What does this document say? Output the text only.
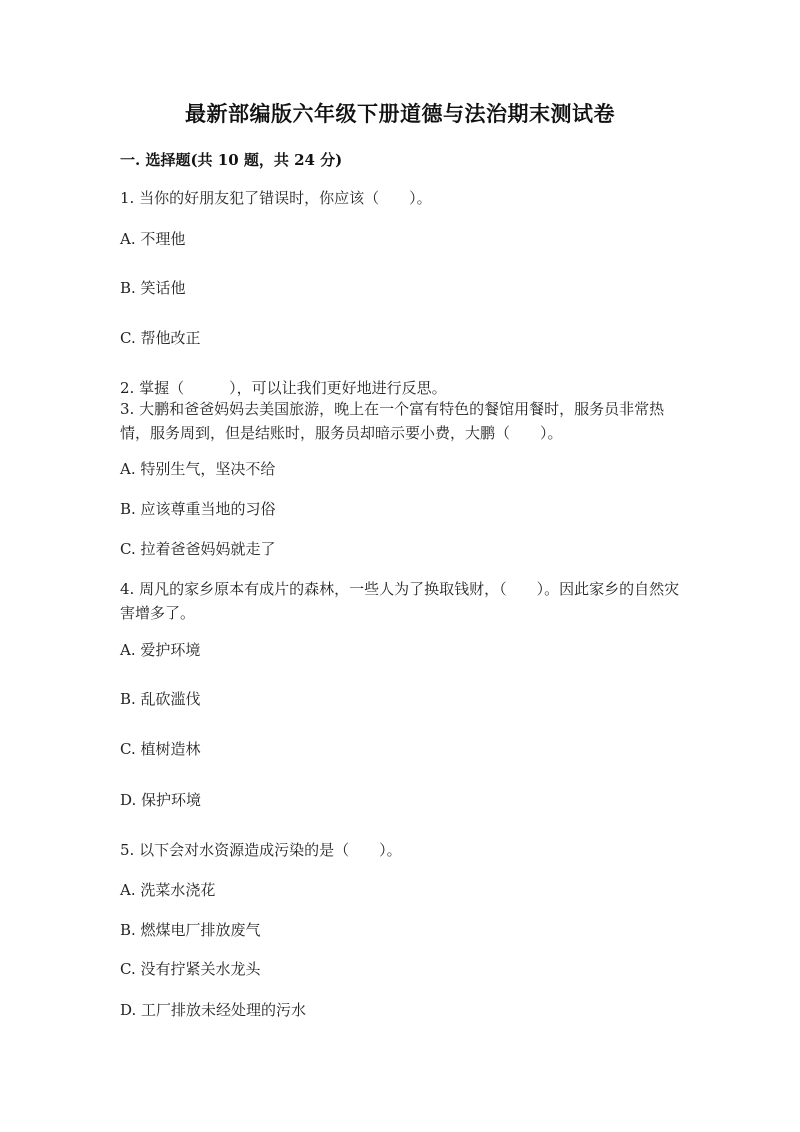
最新部编版六年级下册道德与法治期末测试卷
一. 选择题(共 10 题，共 24 分)
1. 当你的好朋友犯了错误时，你应该（　　）。
A. 不理他
B. 笑话他
C. 帮他改正
2. 掌握（　　　），可以让我们更好地进行反思。
3. 大鹏和爸爸妈妈去美国旅游，晚上在一个富有特色的餐馆用餐时，服务员非常热情，服务周到，但是结账时，服务员却暗示要小费，大鹏（　　）。
A. 特别生气，坚决不给
B. 应该尊重当地的习俗
C. 拉着爸爸妈妈就走了
4. 周凡的家乡原本有成片的森林，一些人为了换取钱财，（　　）。因此家乡的自然灾害增多了。
A. 爱护环境
B. 乱砍滥伐
C. 植树造林
D. 保护环境
5. 以下会对水资源造成污染的是（　　）。
A. 洗菜水浇花
B. 燃煤电厂排放废气
C. 没有拧紧关水龙头
D. 工厂排放未经处理的污水
